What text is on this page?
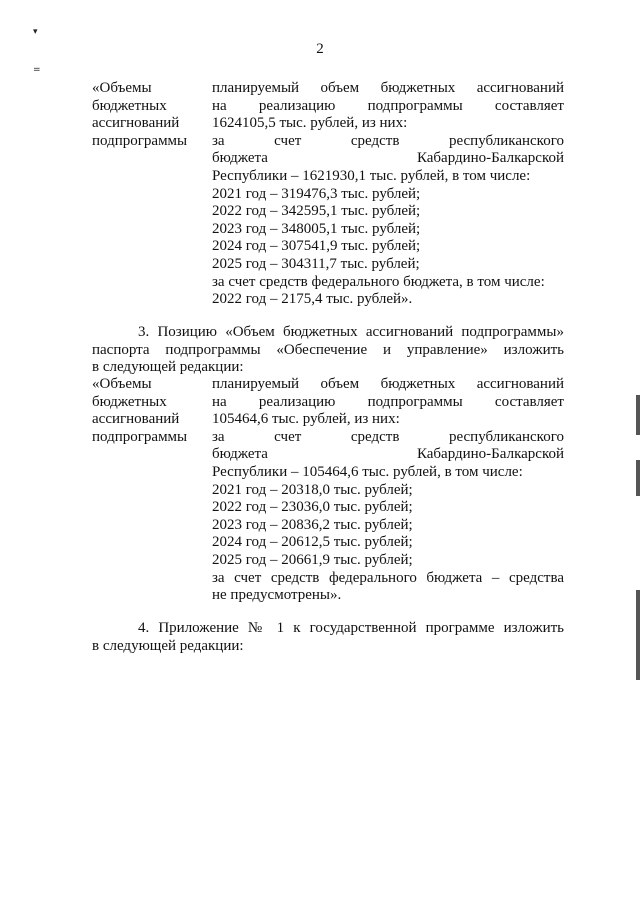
2
▾
=
«Объемы
бюджетных
ассигнований
подпрограммы
планируемый объем бюджетных ассигнований
на реализацию подпрограммы составляет
1624105,5 тыс. рублей, из них:
за счет средств республиканского
бюджета Кабардино-Балкарской
Республики – 1621930,1 тыс. рублей, в том числе:
2021 год – 319476,3 тыс. рублей;
2022 год – 342595,1 тыс. рублей;
2023 год – 348005,1 тыс. рублей;
2024 год – 307541,9 тыс. рублей;
2025 год – 304311,7 тыс. рублей;
за счет средств федерального бюджета, в том числе:
2022 год – 2175,4 тыс. рублей».
3. Позицию «Объем бюджетных ассигнований подпрограммы»
паспорта подпрограммы «Обеспечение и управление» изложить
в следующей редакции:
«Объемы
бюджетных
ассигнований
подпрограммы
планируемый объем бюджетных ассигнований
на реализацию подпрограммы составляет
105464,6 тыс. рублей, из них:
за счет средств республиканского
бюджета Кабардино-Балкарской
Республики – 105464,6 тыс. рублей, в том числе:
2021 год – 20318,0 тыс. рублей;
2022 год – 23036,0 тыс. рублей;
2023 год – 20836,2 тыс. рублей;
2024 год – 20612,5 тыс. рублей;
2025 год – 20661,9 тыс. рублей;
за счет средств федерального бюджета – средства
не предусмотрены».
4. Приложение № 1 к государственной программе изложить
в следующей редакции:
